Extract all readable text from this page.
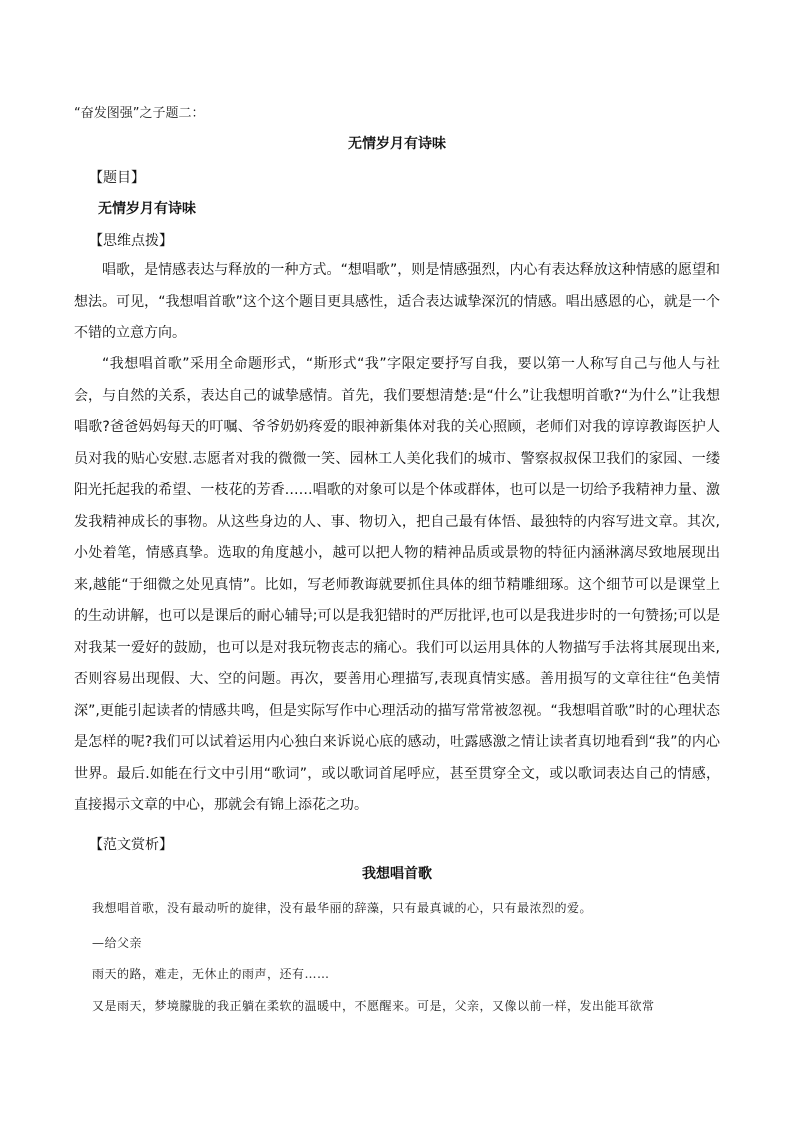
“奋发图强”之子题二：
无情岁月有诗味
【题目】
无情岁月有诗味
【思维点拨】

唱歌，是情感表达与释放的一种方式。“想唱歌”，则是情感强烈，内心有表达释放这种情感的愿望和想法。可见，“我想唱首歌”这个这个题目更具感性，适合表达诚挚深沉的情感。唱出感恩的心，就是一个不错的立意方向。

“我想唱首歌”采用全命题形式，“斯形式“我”字限定要抒写自我，要以第一人称写自己与他人与社会，与自然的关系，表达自己的诚挚感情。首先，我们要想清楚:是“什么”让我想明首歌?“为什么”让我想唱歌?爸爸妈妈每天的叮嘱、爷爷奶奶疼爱的眼神新集体对我的关心照顾，老师们对我的谆谆教诲医护人员对我的贴心安慰.志愿者对我的微微一笑、园林工人美化我们的城市、警察叔叔保卫我们的家园、一缕阳光托起我的希望、一枝花的芳香……唱歌的对象可以是个体或群体，也可以是一切给予我精神力量、激发我精神成长的事物。从这些身边的人、事、物切入，把自己最有体悟、最独特的内容写进文章。其次,小处着笔，情感真挚。选取的角度越小，越可以把人物的精神品质或景物的特征内涵淋漓尽致地展现出来,越能“于细微之处见真情”。比如，写老师教诲就要抓住具体的细节精雕细琢。这个细节可以是课堂上的生动讲解，也可以是课后的耐心辅导;可以是我犯错时的严厉批评,也可以是我进步时的一句赞扬;可以是对我某一爱好的鼓励，也可以是对我玩物丧志的痛心。我们可以运用具体的人物描写手法将其展现出来,否则容易出现假、大、空的问题。再次，要善用心理描写,表现真情实感。善用损写的文章往往“色美情深”,更能引起读者的情感共鸣，但是实际写作中心理活动的描写常常被忽视。“我想唱首歌”时的心理状态是怎样的呢?我们可以试着运用内心独白来诉说心底的感动，吐露感激之情让读者真切地看到“我”的内心世界。最后.如能在行文中引用“歌词”，或以歌词首尾呼应，甚至贯穿全文，或以歌词表达自己的情感，直接揭示文章的中心，那就会有锦上添花之功。

【范文赏析】
我想唱首歌
我想唱首歌，没有最动听的旋律，没有最华丽的辞藻，只有最真诚的心，只有最浓烈的爱。
—给父亲
雨天的路，难走，无休止的雨声，还有……
又是雨天，梦境朦胧的我正躺在柔软的温暖中，不愿醒来。可是，父亲，又像以前一样，发出能耳欲常
